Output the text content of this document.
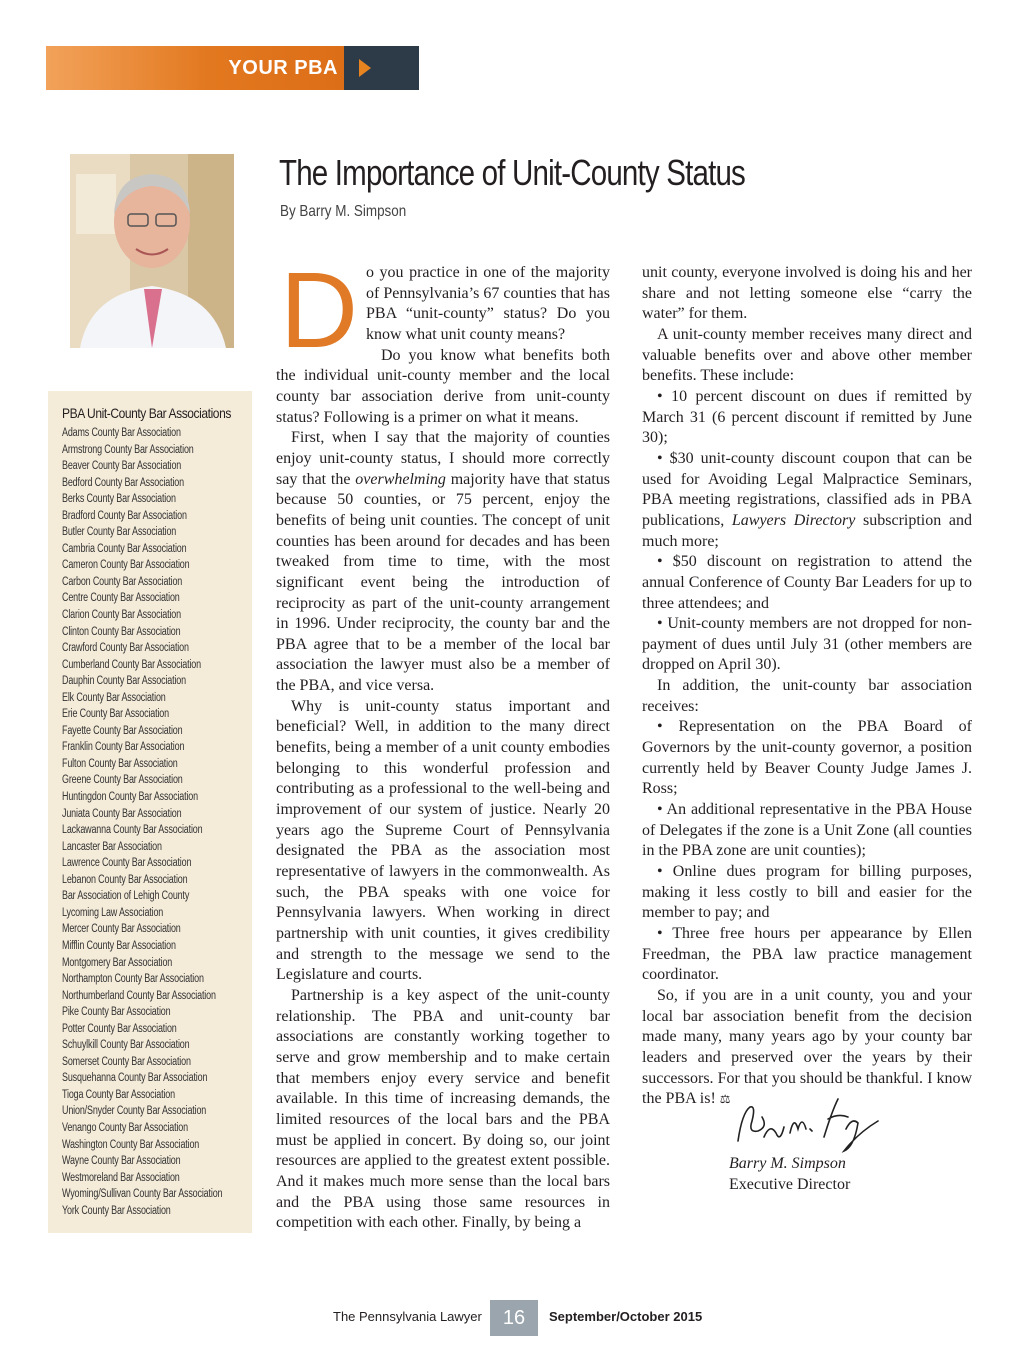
YOUR PBA
PBA Unit-County Bar Associations
Adams County Bar Association
Armstrong County Bar Association
Beaver County Bar Association
Bedford County Bar Association
Berks County Bar Association
Bradford County Bar Association
Butler County Bar Association
Cambria County Bar Association
Cameron County Bar Association
Carbon County Bar Association
Centre County Bar Association
Clarion County Bar Association
Clinton County Bar Association
Crawford County Bar Association
Cumberland County Bar Association
Dauphin County Bar Association
Elk County Bar Association
Erie County Bar Association
Fayette County Bar Association
Franklin County Bar Association
Fulton County Bar Association
Greene County Bar Association
Huntingdon County Bar Association
Juniata County Bar Association
Lackawanna County Bar Association
Lancaster Bar Association
Lawrence County Bar Association
Lebanon County Bar Association
Bar Association of Lehigh County
Lycoming Law Association
Mercer County Bar Association
Mifflin County Bar Association
Montgomery Bar Association
Northampton County Bar Association
Northumberland County Bar Association
Pike County Bar Association
Potter County Bar Association
Schuylkill County Bar Association
Somerset County Bar Association
Susquehanna County Bar Association
Tioga County Bar Association
Union/Snyder County Bar Association
Venango County Bar Association
Washington County Bar Association
Wayne County Bar Association
Westmoreland Bar Association
Wyoming/Sullivan County Bar Association
York County Bar Association
The Importance of Unit-County Status
By Barry M. Simpson
D o you practice in one of the majority of Pennsylvania’s 67 counties that has PBA “unit-county” status? Do you know what unit county means?

Do you know what benefits both the individual unit-county member and the local county bar association derive from unit-county status? Following is a primer on what it means.

First, when I say that the majority of counties enjoy unit-county status, I should more correctly say that the overwhelming majority have that status because 50 counties, or 75 percent, enjoy the benefits of being unit counties. The concept of unit counties has been around for decades and has been tweaked from time to time, with the most significant event being the introduction of reciprocity as part of the unit-county arrangement in 1996. Under reciprocity, the county bar and the PBA agree that to be a member of the local bar association the lawyer must also be a member of the PBA, and vice versa.

Why is unit-county status important and beneficial? Well, in addition to the many direct benefits, being a member of a unit county embodies belonging to this wonderful profession and contributing as a professional to the well-being and improvement of our system of justice. Nearly 20 years ago the Supreme Court of Pennsylvania designated the PBA as the association most representative of lawyers in the commonwealth. As such, the PBA speaks with one voice for Pennsylvania lawyers. When working in direct partnership with unit counties, it gives credibility and strength to the message we send to the Legislature and courts.

Partnership is a key aspect of the unit-county relationship. The PBA and unit-county bar associations are constantly working together to serve and grow membership and to make certain that members enjoy every service and benefit available. In this time of increasing demands, the limited resources of the local bars and the PBA must be applied in concert. By doing so, our joint resources are applied to the greatest extent possible. And it makes much more sense than the local bars and the PBA using those same resources in competition with each other. Finally, by being a

unit county, everyone involved is doing his and her share and not letting someone else “carry the water” for them.

A unit-county member receives many direct and valuable benefits over and above other member benefits. These include:

• 10 percent discount on dues if remitted by March 31 (6 percent discount if remitted by June 30);

• $30 unit-county discount coupon that can be used for Avoiding Legal Malpractice Seminars, PBA meeting registrations, classified ads in PBA publications, Lawyers Directory subscription and much more;

• $50 discount on registration to attend the annual Conference of County Bar Leaders for up to three attendees; and

• Unit-county members are not dropped for non-payment of dues until July 31 (other members are dropped on April 30).

In addition, the unit-county bar association receives:

• Representation on the PBA Board of Governors by the unit-county governor, a position currently held by Beaver County Judge James J. Ross;

• An additional representative in the PBA House of Delegates if the zone is a Unit Zone (all counties in the PBA zone are unit counties);

• Online dues program for billing purposes, making it less costly to bill and easier for the member to pay; and

• Three free hours per appearance by Ellen Freedman, the PBA law practice management coordinator.

So, if you are in a unit county, you and your local bar association benefit from the decision made many, many years ago by your county bar leaders and preserved over the years by their successors. For that you should be thankful. I know the PBA is! ⚖

Barry M. Simpson
Executive Director
The Pennsylvania Lawyer	16	September/October 2015
